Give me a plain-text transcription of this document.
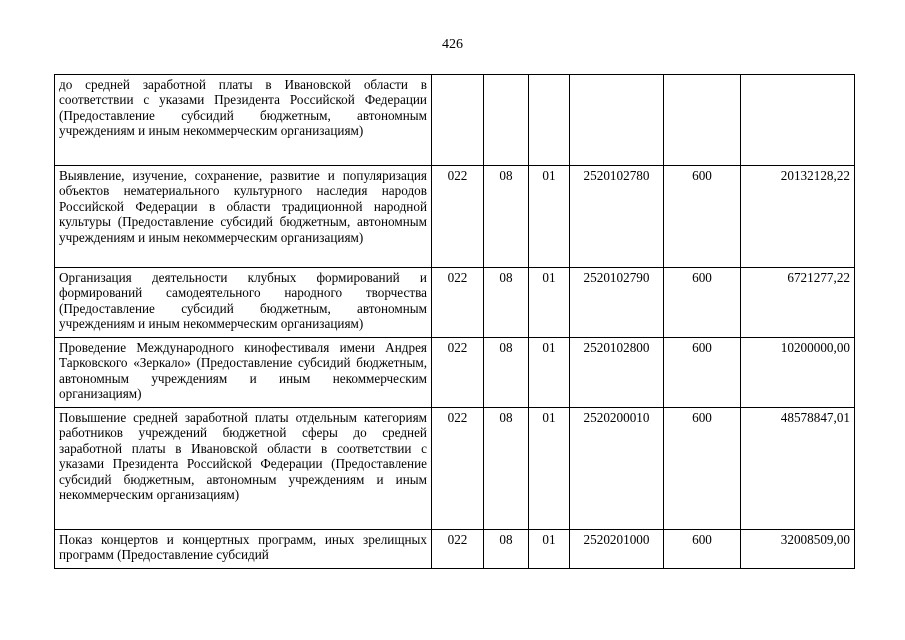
426
до средней заработной платы в Ивановской области в соответствии с указами Президента Российской Федерации (Предоставление субсидий бюджетным, автономным учреждениям и иным некоммерческим организациям)						
Выявление, изучение, сохранение, развитие и популяризация объектов нематериального культурного наследия народов Российской Федерации в области традиционной народной культуры (Предоставление субсидий бюджетным, автономным учреждениям и иным некоммерческим организациям)	022	08	01	2520102780	600	20132128,22
Организация деятельности клубных формирований и формирований самодеятельного народного творчества (Предоставление субсидий бюджетным, автономным учреждениям и иным некоммерческим организациям)	022	08	01	2520102790	600	6721277,22
Проведение Международного кинофестиваля имени Андрея Тарковского «Зеркало» (Предоставление субсидий бюджетным, автономным учреждениям и иным некоммерческим организациям)	022	08	01	2520102800	600	10200000,00
Повышение средней заработной платы отдельным категориям работников учреждений бюджетной сферы до средней заработной платы в Ивановской области в соответствии с указами Президента Российской Федерации (Предоставление субсидий бюджетным, автономным учреждениям и иным некоммерческим организациям)	022	08	01	2520200010	600	48578847,01
Показ концертов и концертных программ, иных зрелищных программ (Предоставление субсидий	022	08	01	2520201000	600	32008509,00
